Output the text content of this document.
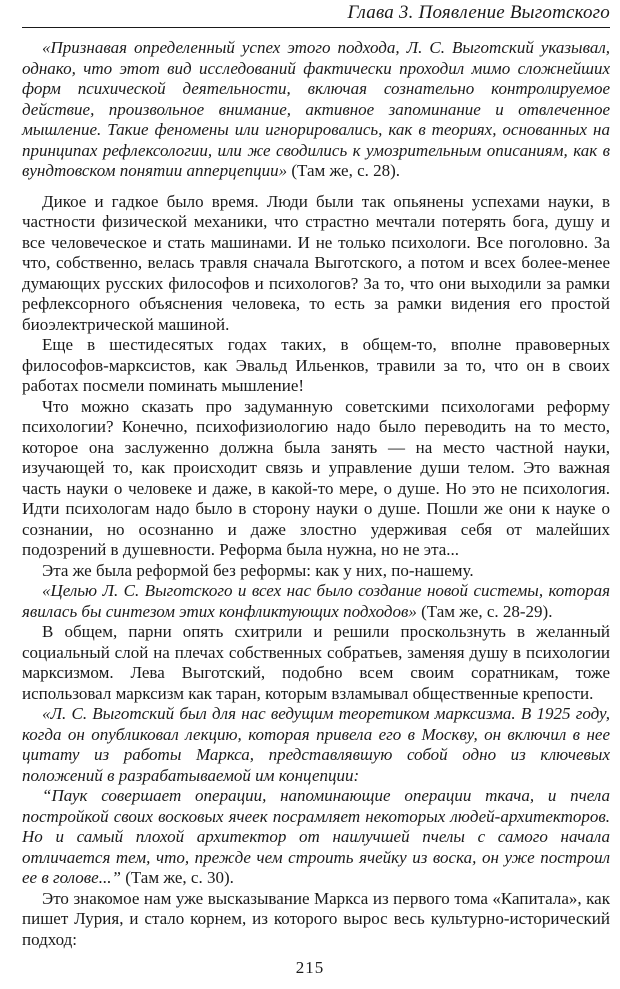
Глава 3. Появление Выготского

«Признавая определенный успех этого подхода, Л. С. Выготский указывал, однако, что этот вид исследований фактически проходил мимо сложнейших форм психической деятельности, включая сознательно контролируемое действие, произвольное внимание, активное запоминание и отвлеченное мышление. Такие феномены или игнорировались, как в теориях, основанных на принципах рефлексологии, или же сводились к умозрительным описаниям, как в вундтовском понятии апперцепции» (Там же, с. 28).

Дикое и гадкое было время. Люди были так опьянены успехами науки, в частности физической механики, что страстно мечтали потерять бога, душу и все человеческое и стать машинами. И не только психологи. Все поголовно. За что, собственно, велась травля сначала Выготского, а потом и всех более-менее думающих русских философов и психологов? За то, что они выходили за рамки рефлексорного объяснения человека, то есть за рамки видения его простой биоэлектрической машиной.

Еще в шестидесятых годах таких, в общем-то, вполне правоверных философов-марксистов, как Эвальд Ильенков, травили за то, что он в своих работах посмели поминать мышление!

Что можно сказать про задуманную советскими психологами реформу психологии? Конечно, психофизиологию надо было переводить на то место, которое она заслуженно должна была занять — на место частной науки, изучающей то, как происходит связь и управление души телом. Это важная часть науки о человеке и даже, в какой-то мере, о душе. Но это не психология. Идти психологам надо было в сторону науки о душе. Пошли же они к науке о сознании, но осознанно и даже злостно удерживая себя от малейших подозрений в душевности. Реформа была нужна, но не эта...

Эта же была реформой без реформы: как у них, по-нашему.

«Целью Л. С. Выготского и всех нас было создание новой системы, которая явилась бы синтезом этих конфликтующих подходов» (Там же, с. 28-29).

В общем, парни опять схитрили и решили проскользнуть в желанный социальный слой на плечах собственных собратьев, заменяя душу в психологии марксизмом. Лева Выготский, подобно всем своим соратникам, тоже использовал марксизм как таран, которым взламывал общественные крепости.

«Л. С. Выготский был для нас ведущим теоретиком марксизма. В 1925 году, когда он опубликовал лекцию, которая привела его в Москву, он включил в нее цитату из работы Маркса, представлявшую собой одно из ключевых положений в разрабатываемой им концепции:

“Паук совершает операции, напоминающие операции ткача, и пчела постройкой своих восковых ячеек посрамляет некоторых людей-архитекторов. Но и самый плохой архитектор от наилучшей пчелы с самого начала отличается тем, что, прежде чем строить ячейку из воска, он уже построил ее в голове...” (Там же, с. 30).

Это знакомое нам уже высказывание Маркса из первого тома «Капитала», как пишет Лурия, и стало корнем, из которого вырос весь культурно-исторический подход:

215
